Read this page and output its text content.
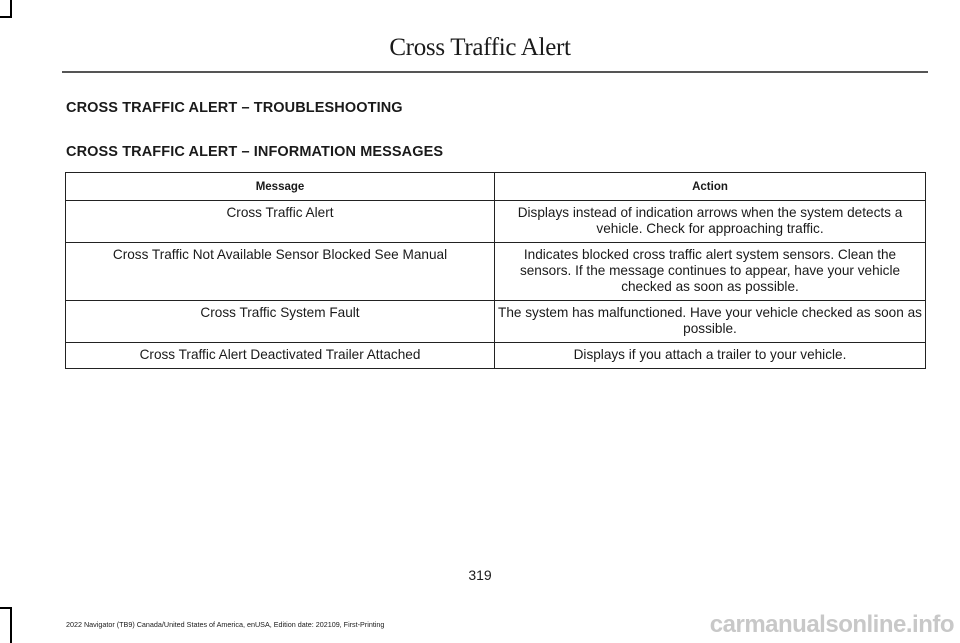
Cross Traffic Alert
CROSS TRAFFIC ALERT – TROUBLESHOOTING
CROSS TRAFFIC ALERT – INFORMATION MESSAGES
Message	Action
Cross Traffic Alert	Displays instead of indication arrows when the system detects a vehicle. Check for approaching traffic.
Cross Traffic Not Available Sensor Blocked See Manual	Indicates blocked cross traffic alert system sensors. Clean the sensors. If the message continues to appear, have your vehicle checked as soon as possible.
Cross Traffic System Fault	The system has malfunctioned. Have your vehicle checked as soon as possible.
Cross Traffic Alert Deactivated Trailer Attached	Displays if you attach a trailer to your vehicle.
319
2022 Navigator (TB9) Canada/United States of America, enUSA, Edition date: 202109, First-Printing	carmanualsonline.info
